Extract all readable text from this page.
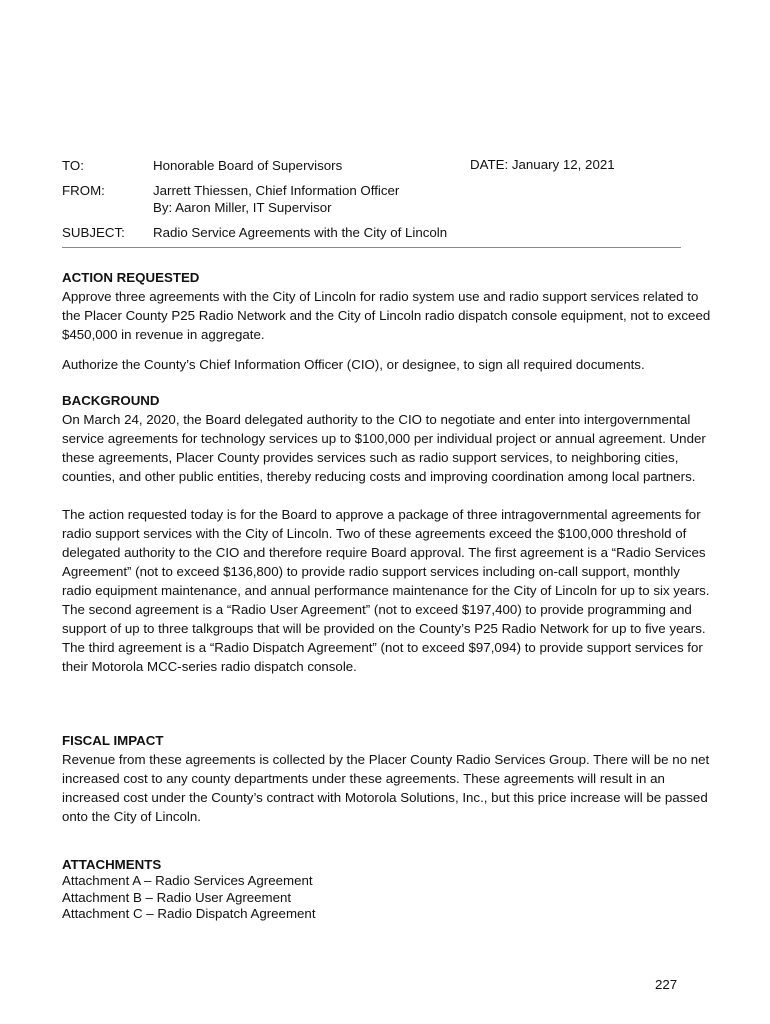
TO:	Honorable Board of Supervisors	DATE: January 12, 2021
FROM:	Jarrett Thiessen, Chief Information Officer
By: Aaron Miller, IT Supervisor
SUBJECT: Radio Service Agreements with the City of Lincoln
ACTION REQUESTED

Approve three agreements with the City of Lincoln for radio system use and radio support services related to the Placer County P25 Radio Network and the City of Lincoln radio dispatch console equipment, not to exceed $450,000 in revenue in aggregate.

Authorize the County’s Chief Information Officer (CIO), or designee, to sign all required documents.

BACKGROUND

On March 24, 2020, the Board delegated authority to the CIO to negotiate and enter into intergovernmental service agreements for technology services up to $100,000 per individual project or annual agreement. Under these agreements, Placer County provides services such as radio support services, to neighboring cities, counties, and other public entities, thereby reducing costs and improving coordination among local partners.

The action requested today is for the Board to approve a package of three intragovernmental agreements for radio support services with the City of Lincoln. Two of these agreements exceed the $100,000 threshold of delegated authority to the CIO and therefore require Board approval. The first agreement is a “Radio Services Agreement” (not to exceed $136,800) to provide radio support services including on-call support, monthly radio equipment maintenance, and annual performance maintenance for the City of Lincoln for up to six years. The second agreement is a “Radio User Agreement” (not to exceed $197,400) to provide programming and support of up to three talkgroups that will be provided on the County’s P25 Radio Network for up to five years. The third agreement is a “Radio Dispatch Agreement” (not to exceed $97,094) to provide support services for their Motorola MCC-series radio dispatch console.

FISCAL IMPACT

Revenue from these agreements is collected by the Placer County Radio Services Group. There will be no net increased cost to any county departments under these agreements. These agreements will result in an increased cost under the County’s contract with Motorola Solutions, Inc., but this price increase will be passed onto the City of Lincoln.

ATTACHMENTS
Attachment A – Radio Services Agreement
Attachment B – Radio User Agreement
Attachment C – Radio Dispatch Agreement
227
